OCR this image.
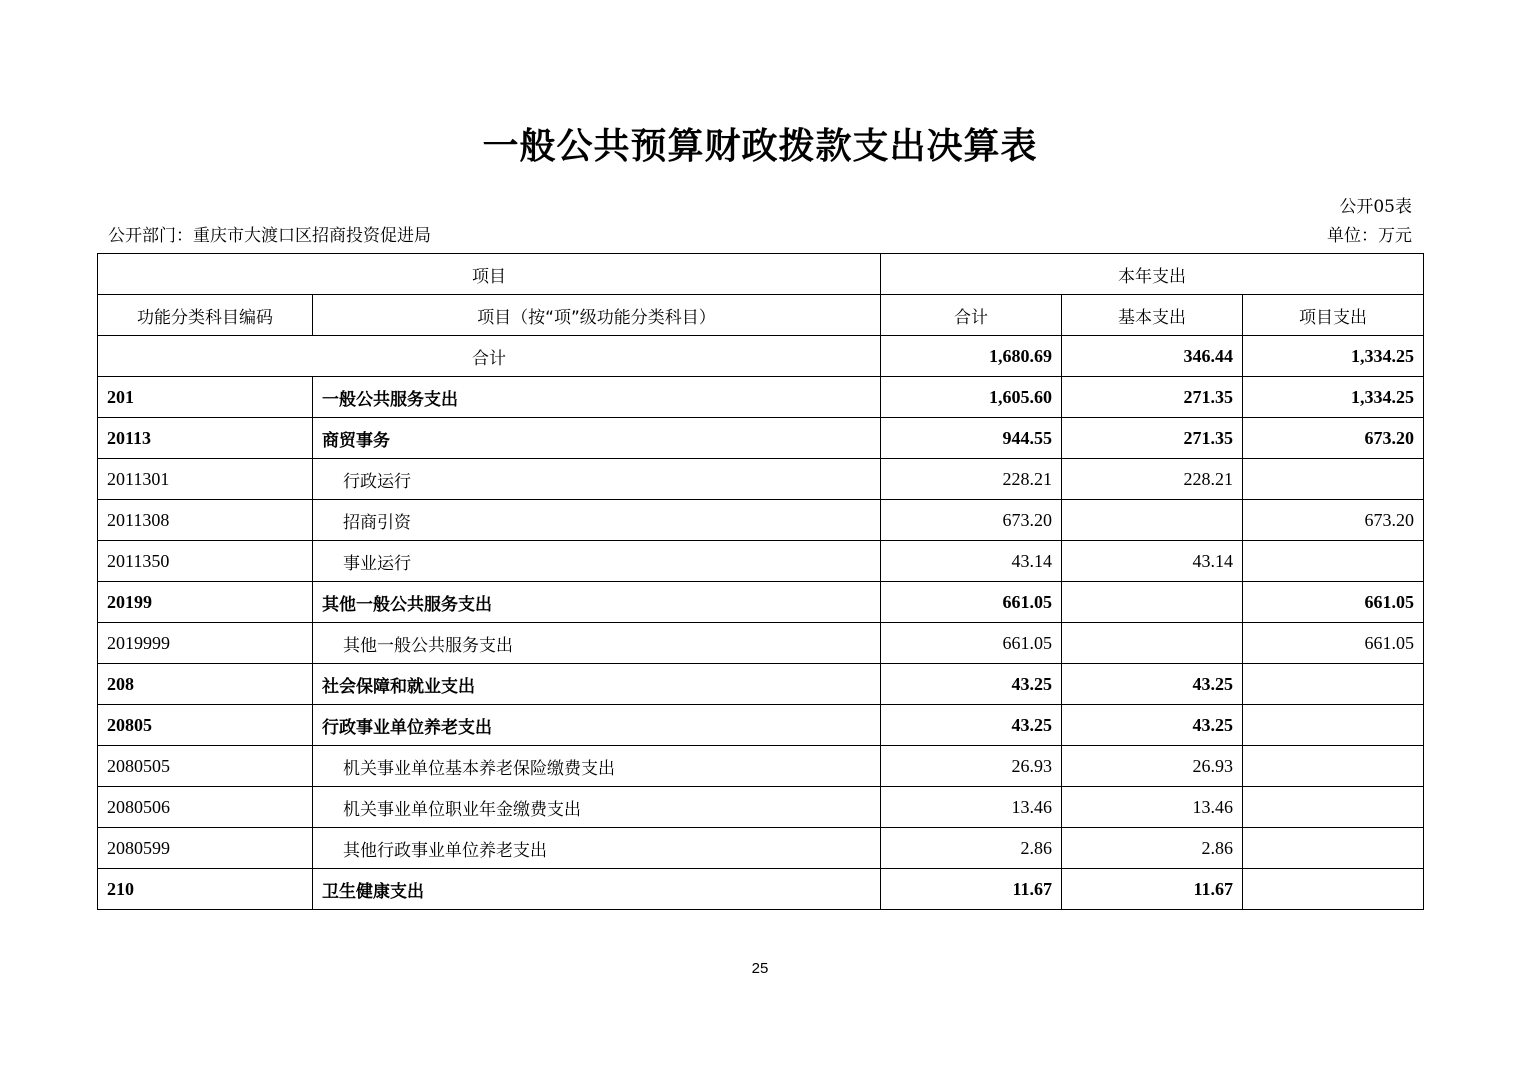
一般公共预算财政拨款支出决算表
公开05表
公开部门：重庆市大渡口区招商投资促进局	单位：万元
项目		本年支出		
功能分类科目编码	项目（按“项”级功能分类科目）	合计	基本支出	项目支出
合计		1,680.69	346.44	1,334.25
201	一般公共服务支出	1,605.60	271.35	1,334.25
20113	商贸事务	944.55	271.35	673.20
2011301	行政运行	228.21	228.21	
2011308	招商引资	673.20		673.20
2011350	事业运行	43.14	43.14	
20199	其他一般公共服务支出	661.05		661.05
2019999	其他一般公共服务支出	661.05		661.05
208	社会保障和就业支出	43.25	43.25	
20805	行政事业单位养老支出	43.25	43.25	
2080505	机关事业单位基本养老保险缴费支出	26.93	26.93	
2080506	机关事业单位职业年金缴费支出	13.46	13.46	
2080599	其他行政事业单位养老支出	2.86	2.86	
210	卫生健康支出	11.67	11.67	
25
